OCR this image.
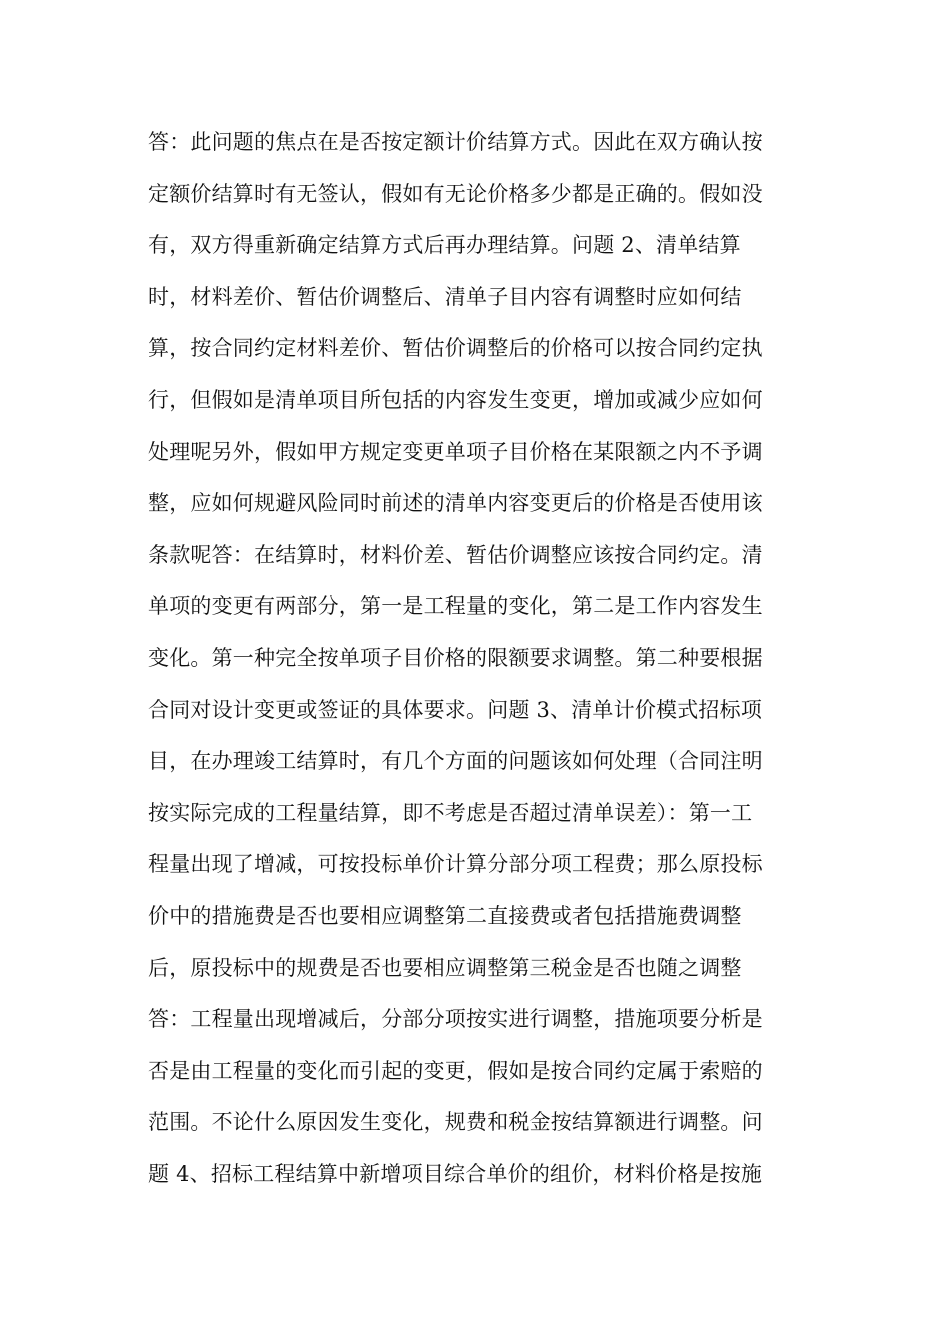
答：此问题的焦点在是否按定额计价结算方式。因此在双方确认按
定额价结算时有无签认，假如有无论价格多少都是正确的。假如没
有，双方得重新确定结算方式后再办理结算。问题 2、清单结算
时，材料差价、暂估价调整后、清单子目内容有调整时应如何结
算，按合同约定材料差价、暂估价调整后的价格可以按合同约定执
行，但假如是清单项目所包括的内容发生变更，增加或减少应如何
处理呢另外，假如甲方规定变更单项子目价格在某限额之内不予调
整，应如何规避风险同时前述的清单内容变更后的价格是否使用该
条款呢答：在结算时，材料价差、暂估价调整应该按合同约定。清
单项的变更有两部分，第一是工程量的变化，第二是工作内容发生
变化。第一种完全按单项子目价格的限额要求调整。第二种要根据
合同对设计变更或签证的具体要求。问题 3、清单计价模式招标项
目，在办理竣工结算时，有几个方面的问题该如何处理（合同注明
按实际完成的工程量结算，即不考虑是否超过清单误差）：第一工
程量出现了增减，可按投标单价计算分部分项工程费；那么原投标
价中的措施费是否也要相应调整第二直接费或者包括措施费调整
后，原投标中的规费是否也要相应调整第三税金是否也随之调整
答：工程量出现增减后，分部分项按实进行调整，措施项要分析是
否是由工程量的变化而引起的变更，假如是按合同约定属于索赔的
范围。不论什么原因发生变化，规费和税金按结算额进行调整。问
题 4、招标工程结算中新增项目综合单价的组价，材料价格是按施
